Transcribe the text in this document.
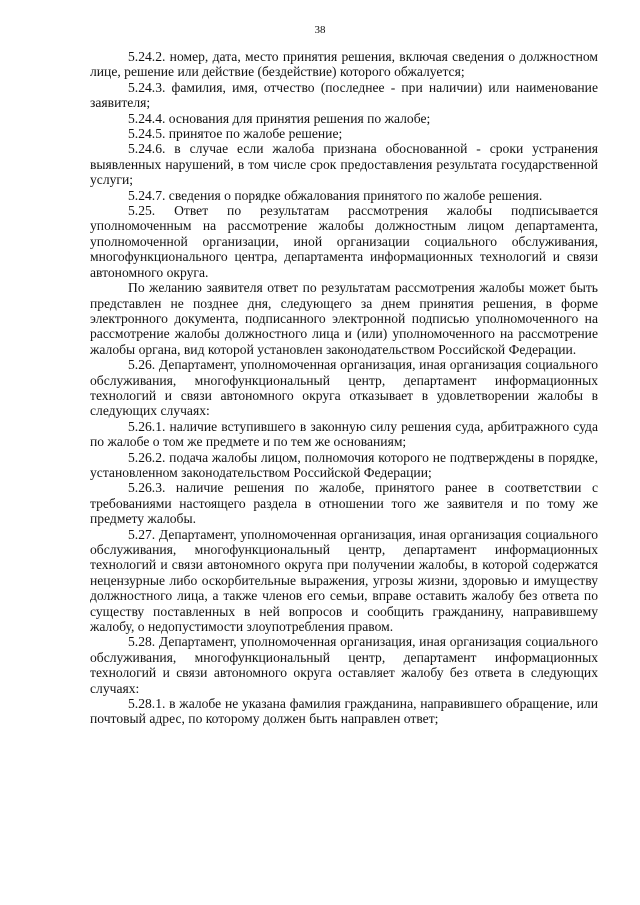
38

5.24.2. номер, дата, место принятия решения, включая сведения о должностном лице, решение или действие (бездействие) которого обжалуется;

5.24.3. фамилия, имя, отчество (последнее - при наличии) или наименование заявителя;

5.24.4. основания для принятия решения по жалобе;

5.24.5. принятое по жалобе решение;

5.24.6. в случае если жалоба признана обоснованной - сроки устранения выявленных нарушений, в том числе срок предоставления результата государственной услуги;

5.24.7. сведения о порядке обжалования принятого по жалобе решения.

5.25. Ответ по результатам рассмотрения жалобы подписывается уполномоченным на рассмотрение жалобы должностным лицом департамента, уполномоченной организации, иной организации социального обслуживания, многофункционального центра, департамента информационных технологий и связи автономного округа.

По желанию заявителя ответ по результатам рассмотрения жалобы может быть представлен не позднее дня, следующего за днем принятия решения, в форме электронного документа, подписанного электронной подписью уполномоченного на рассмотрение жалобы должностного лица и (или) уполномоченного на рассмотрение жалобы органа, вид которой установлен законодательством Российской Федерации.

5.26. Департамент, уполномоченная организация, иная организация социального обслуживания, многофункциональный центр, департамент информационных технологий и связи автономного округа отказывает в удовлетворении жалобы в следующих случаях:

5.26.1. наличие вступившего в законную силу решения суда, арбитражного суда по жалобе о том же предмете и по тем же основаниям;

5.26.2. подача жалобы лицом, полномочия которого не подтверждены в порядке, установленном законодательством Российской Федерации;

5.26.3. наличие решения по жалобе, принятого ранее в соответствии с требованиями настоящего раздела в отношении того же заявителя и по тому же предмету жалобы.

5.27. Департамент, уполномоченная организация, иная организация социального обслуживания, многофункциональный центр, департамент информационных технологий и связи автономного округа при получении жалобы, в которой содержатся нецензурные либо оскорбительные выражения, угрозы жизни, здоровью и имуществу должностного лица, а также членов его семьи, вправе оставить жалобу без ответа по существу поставленных в ней вопросов и сообщить гражданину, направившему жалобу, о недопустимости злоупотребления правом.

5.28. Департамент, уполномоченная организация, иная организация социального обслуживания, многофункциональный центр, департамент информационных технологий и связи автономного округа оставляет жалобу без ответа в следующих случаях:

5.28.1. в жалобе не указана фамилия гражданина, направившего обращение, или почтовый адрес, по которому должен быть направлен ответ;
